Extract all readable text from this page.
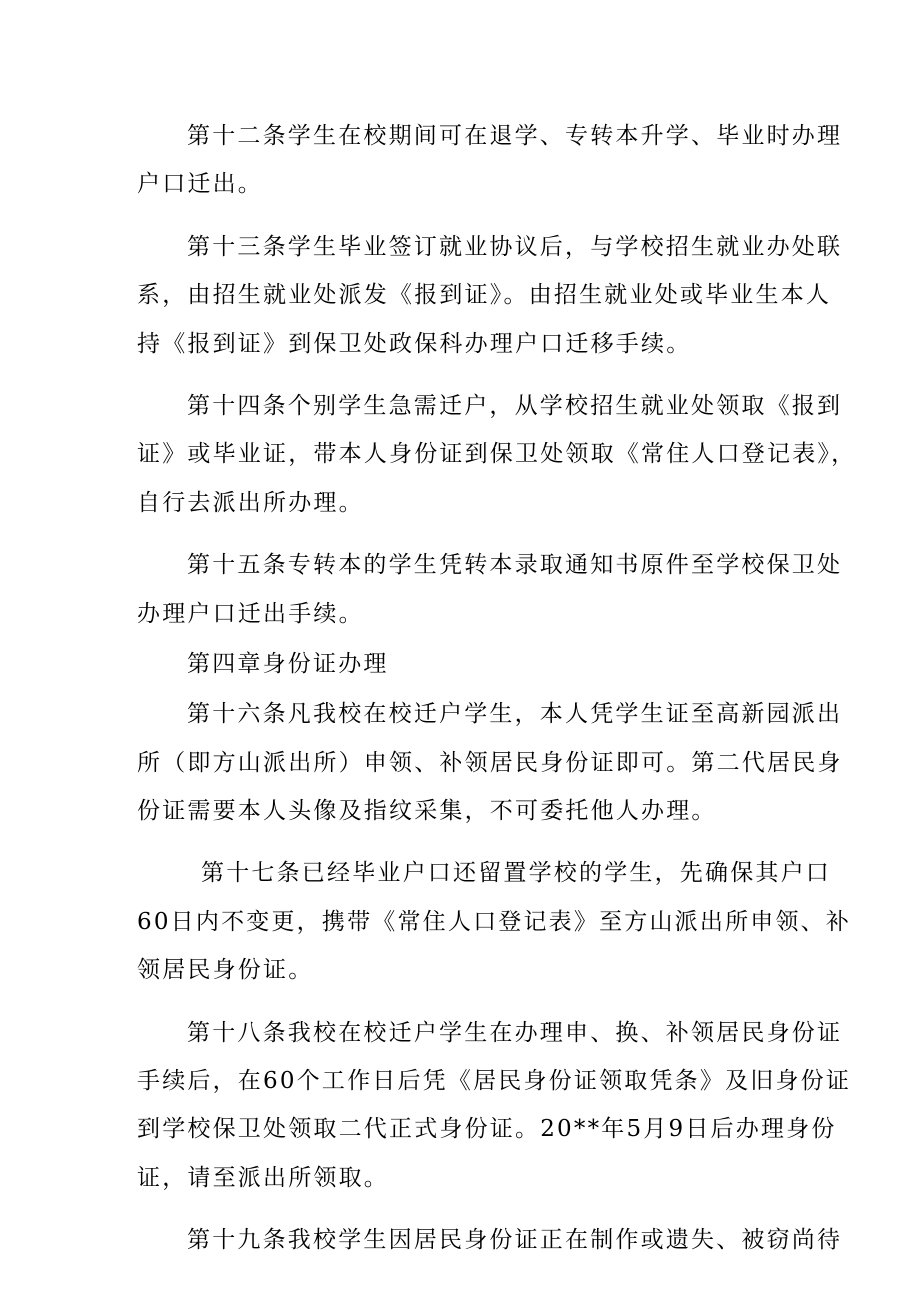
第十二条学生在校期间可在退学、专转本升学、毕业时办理
户口迁出。

第十三条学生毕业签订就业协议后，与学校招生就业办处联
系，由招生就业处派发《报到证》。由招生就业处或毕业生本人
持《报到证》到保卫处政保科办理户口迁移手续。

第十四条个别学生急需迁户，从学校招生就业处领取《报到
证》或毕业证，带本人身份证到保卫处领取《常住人口登记表》，
自行去派出所办理。

第十五条专转本的学生凭转本录取通知书原件至学校保卫处
办理户口迁出手续。

第四章身份证办理

第十六条凡我校在校迁户学生，本人凭学生证至高新园派出
所（即方山派出所）申领、补领居民身份证即可。第二代居民身
份证需要本人头像及指纹采集，不可委托他人办理。

第十七条已经毕业户口还留置学校的学生，先确保其户口
60日内不变更，携带《常住人口登记表》至方山派出所申领、补
领居民身份证。

第十八条我校在校迁户学生在办理申、换、补领居民身份证
手续后，在60个工作日后凭《居民身份证领取凭条》及旧身份证
到学校保卫处领取二代正式身份证。20**年5月9日后办理身份
证，请至派出所领取。

第十九条我校学生因居民身份证正在制作或遗失、被窃尚待
